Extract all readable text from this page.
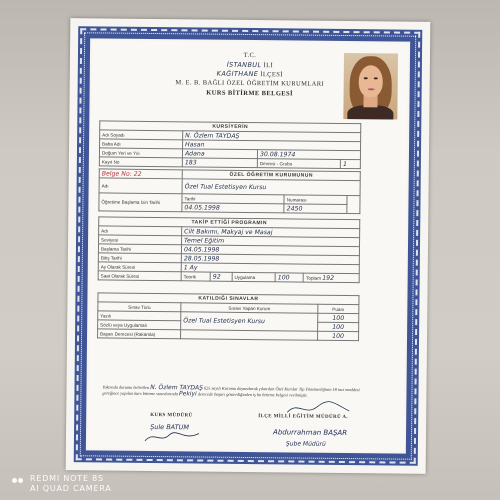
T.C.
İSTANBUL İLİ
KAĞITHANE İLÇESİ
M. E. B. BAĞLI ÖZEL ÖĞRETİM KURUMLARI
KURS BİTİRME BELGESİ
KURSİYERİN			
Adı Soyadı	N. Özlem TAYDAŞ		
Baba Adı	Hasan		
Doğum Yeri ve Yılı	Adana	30.08.1974	
Kayıt No	183	Devresi - Grubu	1
Belge No: 22	ÖZEL ÖĞRETİM KURUMUNUN		
Adı	Özel Tual Estetisyen Kursu		
Öğretime Başlama İzin Tarihi	Tarihi	Numarası	
	04.05.1998	2450	
TAKİP ETTİĞİ PROGRAMIN					
Adı	Cilt Bakımı, Makyaj ve Masaj				
Seviyesi	Temel Eğitim				
Başlama Tarihi	04.05.1998				
Bitiş Tarihi	28.05.1998				
Ay Olarak Süresi	1 Ay				
Saat Olarak Süresi	Teorik	92	Uygulama	100	Toplam 192
KATILDIĞI SINAVLAR		
Sınav Türü	Sınavı Yapan Kurum	Puanı
Yazılı	Özel Tual Estetisyen Kursu	100
Sözlü veya Uygulamalı		100
Başarı Derecesi (Rakamla)		100
Yukarıda durumu belirtilen N. Özlem TAYDAŞ 625 sayılı Kurumu dayanılarak çıkarılan Özel Kurslar Tip Yönetmeliğinin 18 inci maddesi gereğince yapılan kurs bitirme sınavlarında Pekiyi derecede başarı gösterdiğinden iş bu bitirme belgesi verilmiştir.
KURS MÜDÜRÜ
Şule BATUM
İLÇE MİLLİ EĞİTİM MÜDÜRÜ A.
Abdurrahman BAŞAR
Şube Müdürü
REDMI NOTE 8S
AI QUAD CAMERA
